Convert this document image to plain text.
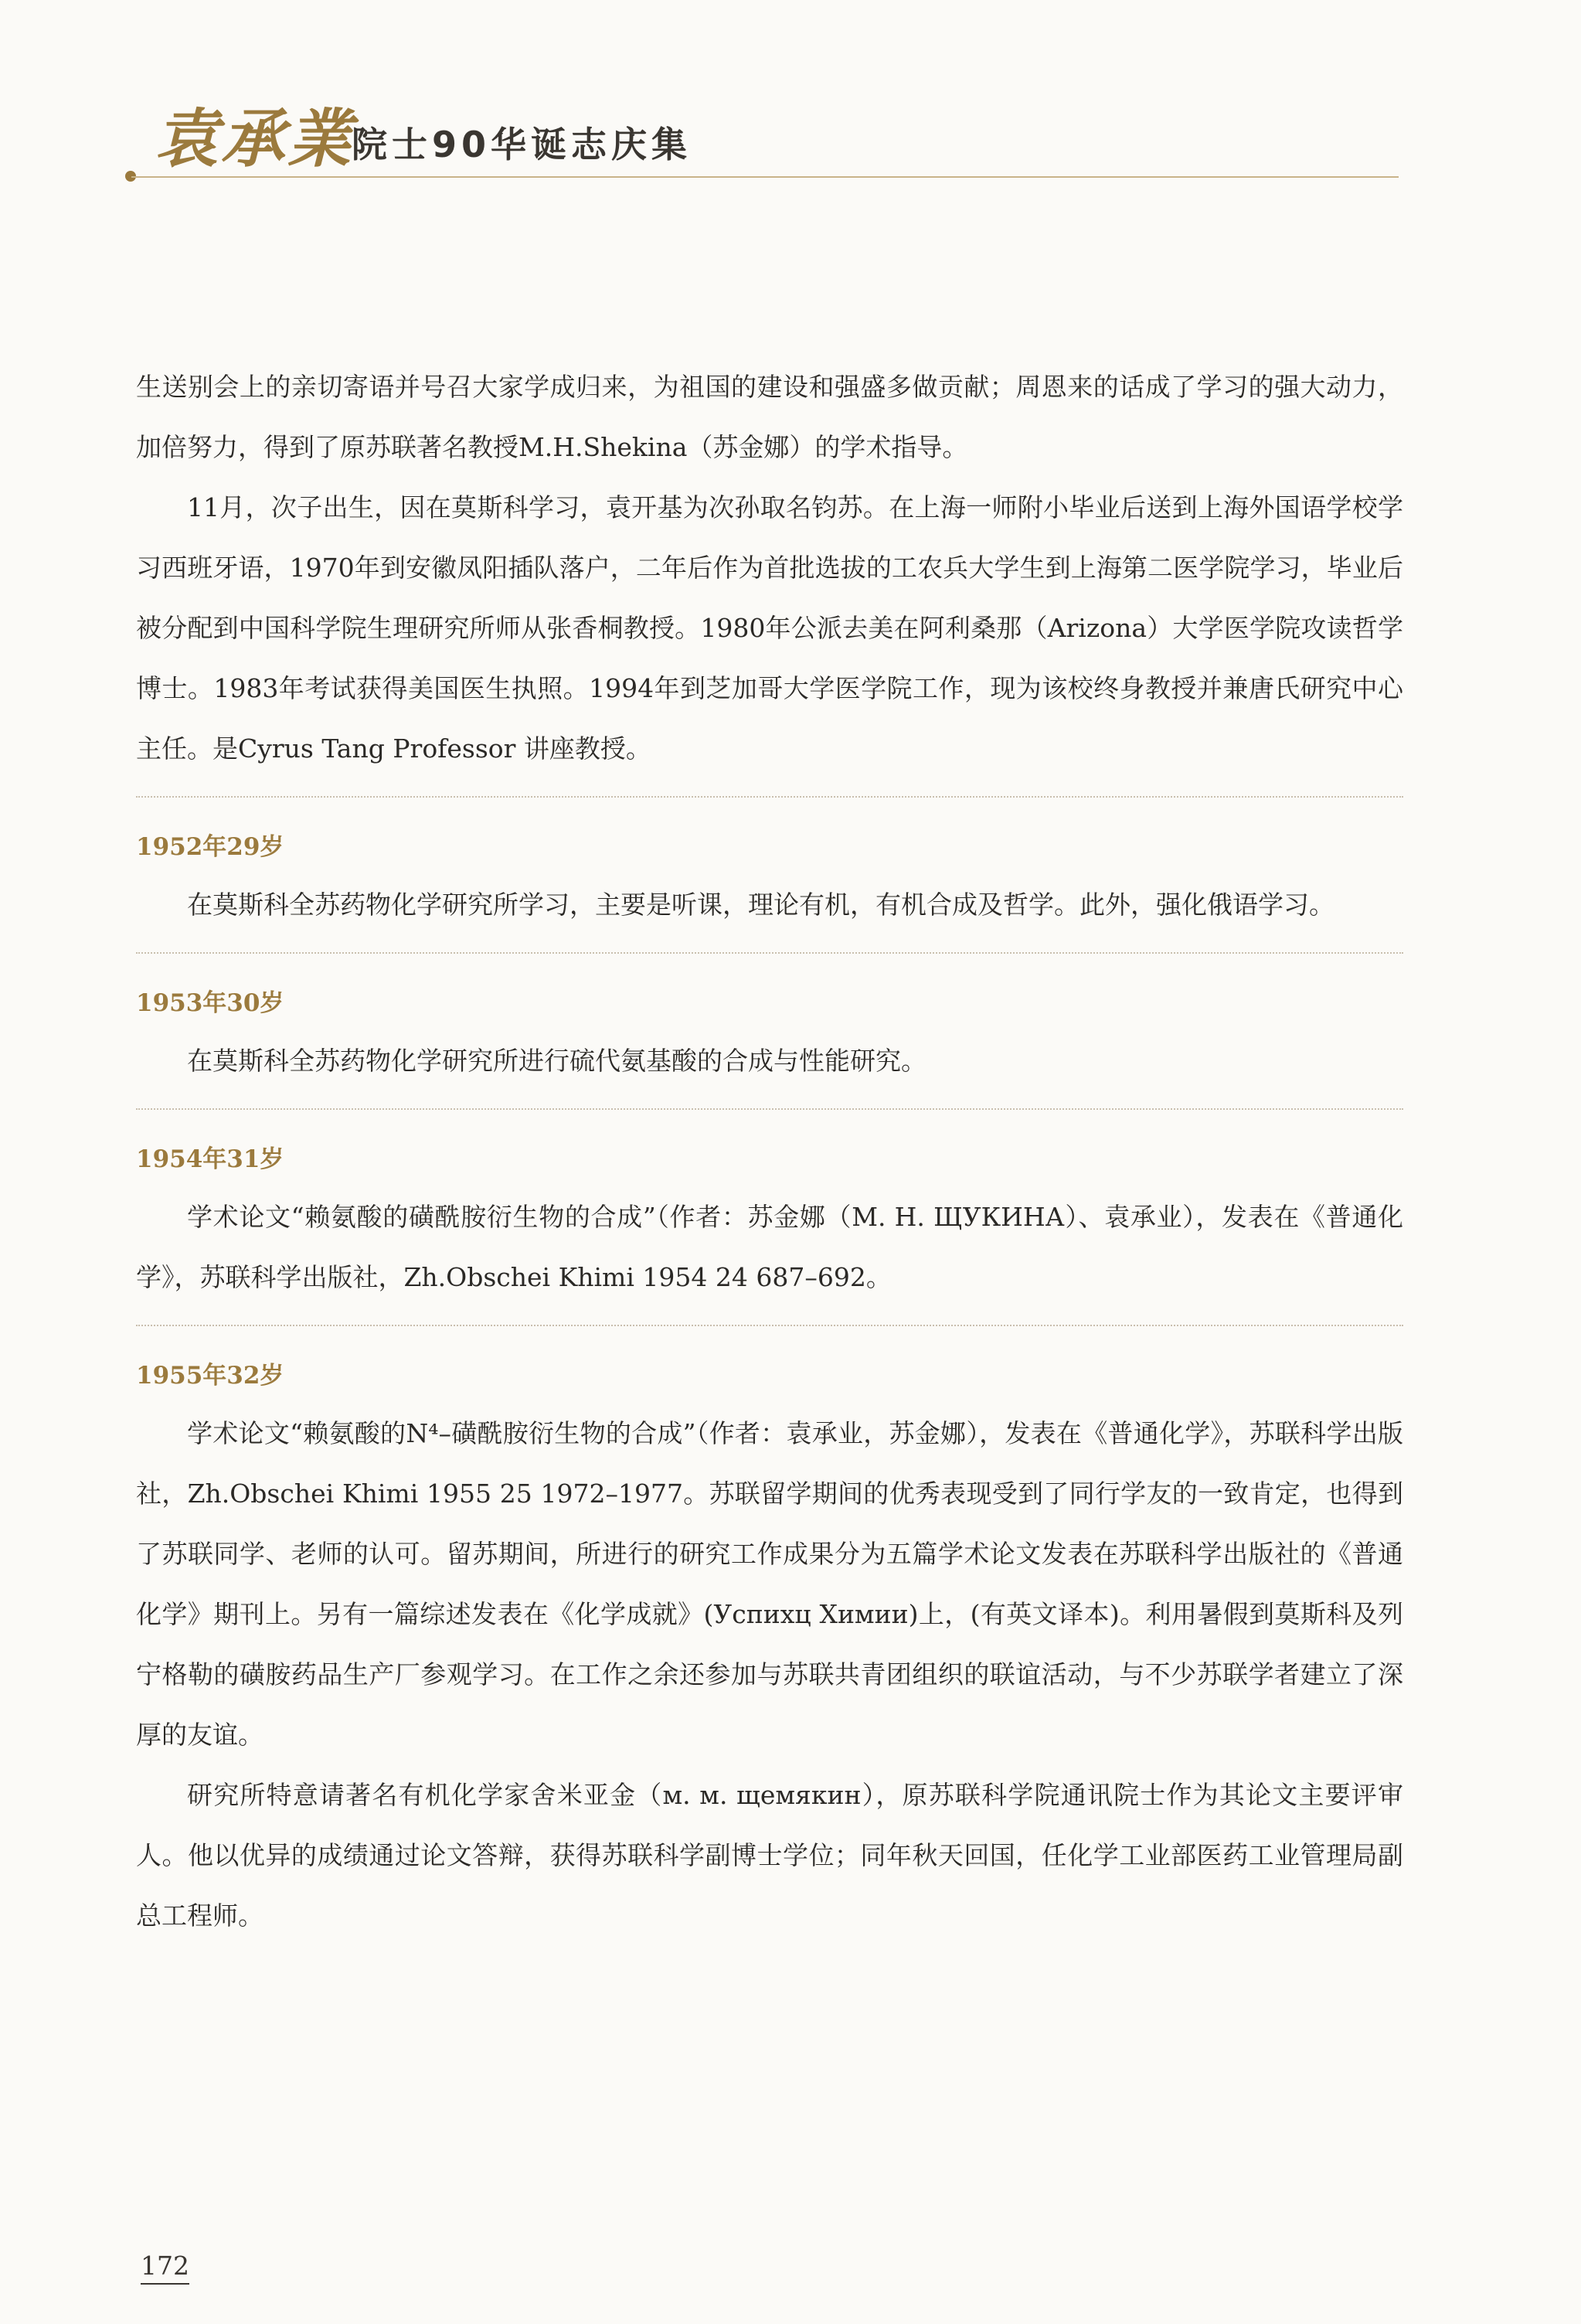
袁承業
院士90华诞志庆集

生送别会上的亲切寄语并号召大家学成归来，为祖国的建设和强盛多做贡献；周恩来的话成了学习的强大动力，加倍努力，得到了原苏联著名教授M.H.Shekina（苏金娜）的学术指导。

11月，次子出生，因在莫斯科学习，袁开基为次孙取名钧苏。在上海一师附小毕业后送到上海外国语学校学习西班牙语，1970年到安徽凤阳插队落户，二年后作为首批选拔的工农兵大学生到上海第二医学院学习，毕业后被分配到中国科学院生理研究所师从张香桐教授。1980年公派去美在阿利桑那（Arizona）大学医学院攻读哲学博士。1983年考试获得美国医生执照。1994年到芝加哥大学医学院工作，现为该校终身教授并兼唐氏研究中心主任。是Cyrus Tang Professor 讲座教授。

1952年29岁

在莫斯科全苏药物化学研究所学习，主要是听课，理论有机，有机合成及哲学。此外，强化俄语学习。

1953年30岁

在莫斯科全苏药物化学研究所进行硫代氨基酸的合成与性能研究。

1954年31岁

学术论文“赖氨酸的磺酰胺衍生物的合成”（作者：苏金娜（M. H. ЩУКИНА）、袁承业），发表在《普通化学》，苏联科学出版社，Zh.Obschei Khimi 1954 24 687–692。

1955年32岁

学术论文“赖氨酸的N⁴–磺酰胺衍生物的合成”（作者：袁承业，苏金娜），发表在《普通化学》，苏联科学出版社，Zh.Obschei Khimi 1955 25 1972–1977。苏联留学期间的优秀表现受到了同行学友的一致肯定，也得到了苏联同学、老师的认可。留苏期间，所进行的研究工作成果分为五篇学术论文发表在苏联科学出版社的《普通化学》期刊上。另有一篇综述发表在《化学成就》(Успихц Химии)上，(有英文译本)。利用暑假到莫斯科及列宁格勒的磺胺药品生产厂参观学习。在工作之余还参加与苏联共青团组织的联谊活动，与不少苏联学者建立了深厚的友谊。

研究所特意请著名有机化学家舍米亚金（м. м. щемякин），原苏联科学院通讯院士作为其论文主要评审人。他以优异的成绩通过论文答辩，获得苏联科学副博士学位；同年秋天回国，任化学工业部医药工业管理局副总工程师。

172
